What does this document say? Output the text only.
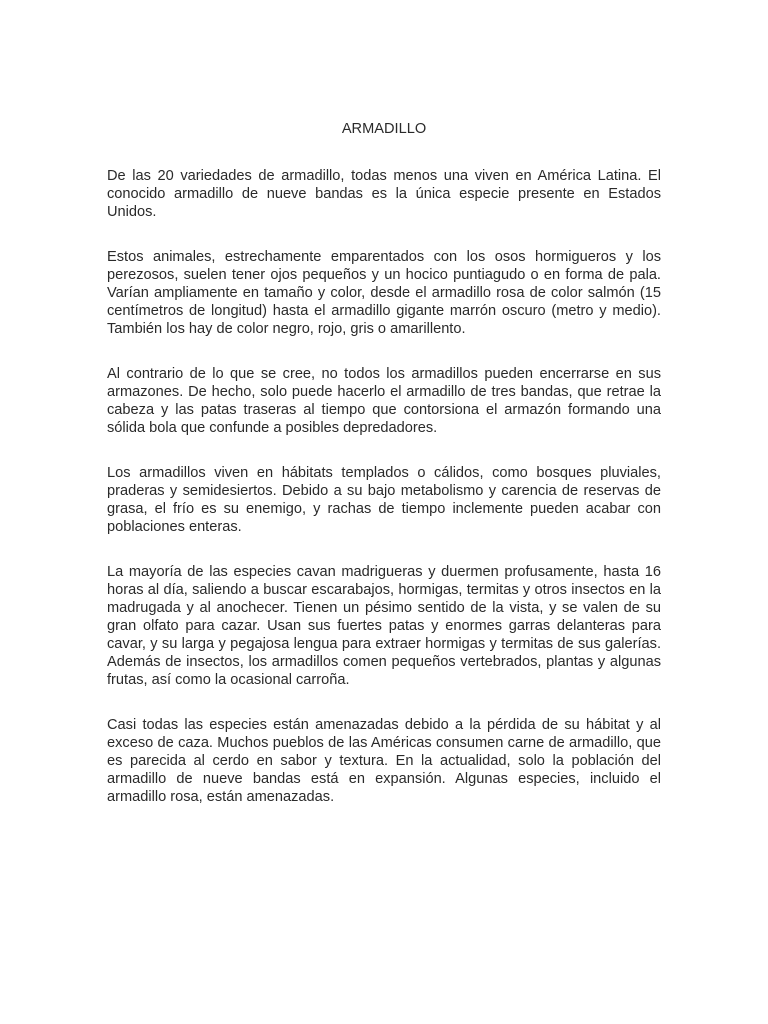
ARMADILLO

De las 20 variedades de armadillo, todas menos una viven en América Latina. El conocido armadillo de nueve bandas es la única especie presente en Estados Unidos.

Estos animales, estrechamente emparentados con los osos hormigueros y los perezosos, suelen tener ojos pequeños y un hocico puntiagudo o en forma de pala. Varían ampliamente en tamaño y color, desde el armadillo rosa de color salmón (15 centímetros de longitud) hasta el armadillo gigante marrón oscuro (metro y medio). También los hay de color negro, rojo, gris o amarillento.

Al contrario de lo que se cree, no todos los armadillos pueden encerrarse en sus armazones. De hecho, solo puede hacerlo el armadillo de tres bandas, que retrae la cabeza y las patas traseras al tiempo que contorsiona el armazón formando una sólida bola que confunde a posibles depredadores.

Los armadillos viven en hábitats templados o cálidos, como bosques pluviales, praderas y semidesiertos. Debido a su bajo metabolismo y carencia de reservas de grasa, el frío es su enemigo, y rachas de tiempo inclemente pueden acabar con poblaciones enteras.

La mayoría de las especies cavan madrigueras y duermen profusamente, hasta 16 horas al día, saliendo a buscar escarabajos, hormigas, termitas y otros insectos en la madrugada y al anochecer. Tienen un pésimo sentido de la vista, y se valen de su gran olfato para cazar. Usan sus fuertes patas y enormes garras delanteras para cavar, y su larga y pegajosa lengua para extraer hormigas y termitas de sus galerías. Además de insectos, los armadillos comen pequeños vertebrados, plantas y algunas frutas, así como la ocasional carroña.

Casi todas las especies están amenazadas debido a la pérdida de su hábitat y al exceso de caza. Muchos pueblos de las Américas consumen carne de armadillo, que es parecida al cerdo en sabor y textura. En la actualidad, solo la población del armadillo de nueve bandas está en expansión. Algunas especies, incluido el armadillo rosa, están amenazadas.
